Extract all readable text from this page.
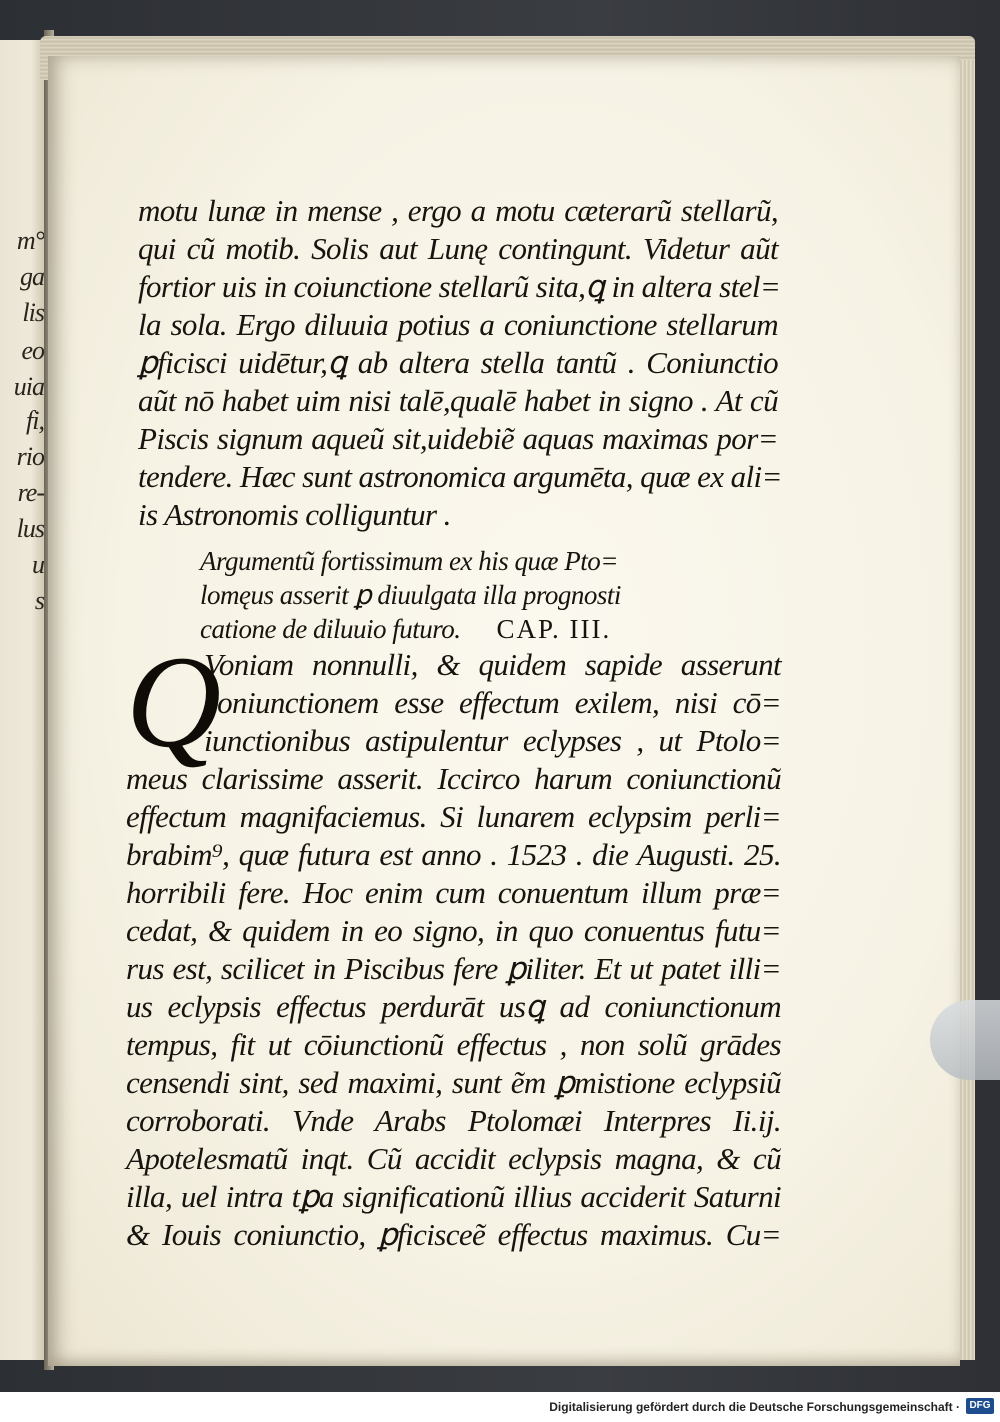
m°
ga
lis
eo
uia
fi,
rio
re-
lus
u
s
motu lunæ in mense , ergo a motu cæterarũ stellarũ,
qui cũ motib. Solis aut Lunę contingunt. Videtur aũt
fortior uis in coiunctione stellarũ sita,ꝗ in altera stel=
la sola. Ergo diluuia potius a coniunctione stellarum
ꝑficisci uidētur,ꝗ ab altera stella tantũ . Coniunctio
aũt nō habet uim nisi talē,qualē habet in signo . At cũ
Piscis signum aqueũ sit,uidebiẽ aquas maximas por=
tendere. Hæc sunt astronomica argumēta, quæ ex ali=
is Astronomis colliguntur .
Argumentũ fortissimum ex his quæ Pto=
lomęus asserit ꝑ diuulgata illa prognosti
catione de diluuio futuro. CAP. III.
Q
Voniam nonnulli, & quidem sapide asserunt
coniunctionem esse effectum exilem, nisi cō=
iunctionibus astipulentur eclypses , ut Ptolo=
meus clarissime asserit. Iccirco harum coniunctionũ
effectum magnifaciemus. Si lunarem eclypsim perli=
brabim⁹, quæ futura est anno . 1523 . die Augusti. 25.
horribili fere. Hoc enim cum conuentum illum præ=
cedat, & quidem in eo signo, in quo conuentus futu=
rus est, scilicet in Piscibus fere ꝑiliter. Et ut patet illi=
us eclypsis effectus perdurāt usꝗ ad coniunctionum
tempus, fit ut cōiunctionũ effectus , non solũ grādes
censendi sint, sed maximi, sunt ẽm ꝑmistione eclypsiũ
corroborati. Vnde Arabs Ptolomæi Interpres Ii.ij.
Apotelesmatũ inqt. Cũ accidit eclypsis magna, & cũ
illa, uel intra tꝑa significationũ illius acciderit Saturni
& Iouis coniunctio, ꝑficisceẽ effectus maximus. Cu=
Digitalisierung gefördert durch die Deutsche Forschungsgemeinschaft · DFG
